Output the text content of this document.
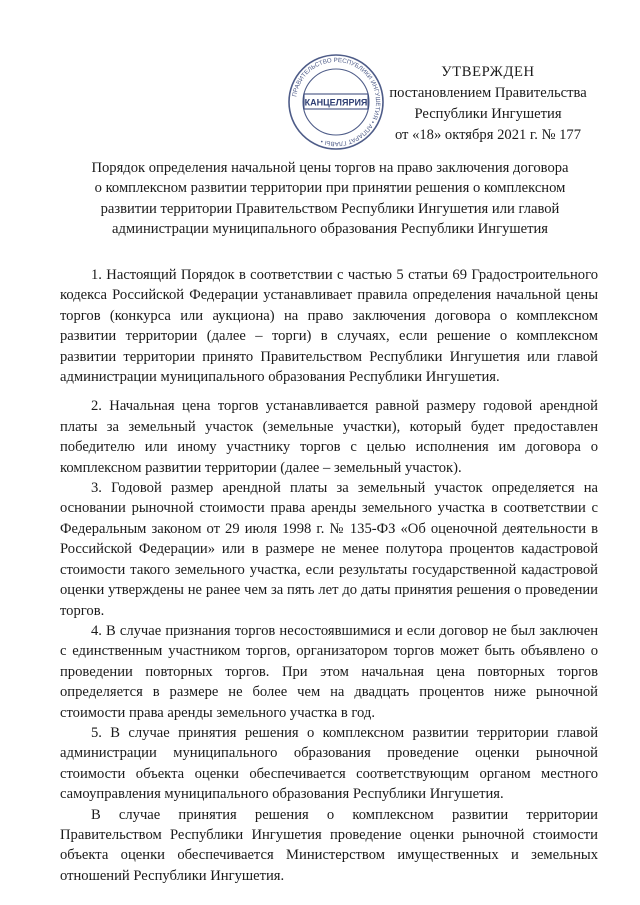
ПРАВИТЕЛЬСТВО РЕСПУБЛИКИ ИНГУШЕТИЯ • АППАРАТ ГЛАВЫ •
КАНЦЕЛЯРИЯ
УТВЕРЖДЕН
постановлением Правительства
Республики Ингушетия
от «18» октября 2021 г. № 177
Порядок определения начальной цены торгов на право заключения договора
о комплексном развитии территории при принятии решения о комплексном
развитии территории Правительством Республики Ингушетия или главой
администрации муниципального образования Республики Ингушетия

1. Настоящий Порядок в соответствии с частью 5 статьи 69 Градостроительного кодекса Российской Федерации устанавливает правила определения начальной цены торгов (конкурса или аукциона) на право заключения договора о комплексном развитии территории (далее – торги) в случаях, если решение о комплексном развитии территории принято Правительством Республики Ингушетия или главой администрации муниципального образования Республики Ингушетия.

2. Начальная цена торгов устанавливается равной размеру годовой арендной платы за земельный участок (земельные участки), который будет предоставлен победителю или иному участнику торгов с целью исполнения им договора о комплексном развитии территории (далее – земельный участок).

3. Годовой размер арендной платы за земельный участок определяется на основании рыночной стоимости права аренды земельного участка в соответствии с Федеральным законом от 29 июля 1998 г. № 135-ФЗ «Об оценочной деятельности в Российской Федерации» или в размере не менее полутора процентов кадастровой стоимости такого земельного участка, если результаты государственной кадастровой оценки утверждены не ранее чем за пять лет до даты принятия решения о проведении торгов.

4. В случае признания торгов несостоявшимися и если договор не был заключен с единственным участником торгов, организатором торгов может быть объявлено о проведении повторных торгов. При этом начальная цена повторных торгов определяется в размере не более чем на двадцать процентов ниже рыночной стоимости права аренды земельного участка в год.

5. В случае принятия решения о комплексном развитии территории главой администрации муниципального образования проведение оценки рыночной стоимости объекта оценки обеспечивается соответствующим органом местного самоуправления муниципального образования Республики Ингушетия.

В случае принятия решения о комплексном развитии территории Правительством Республики Ингушетия проведение оценки рыночной стоимости объекта оценки обеспечивается Министерством имущественных и земельных отношений Республики Ингушетия.
